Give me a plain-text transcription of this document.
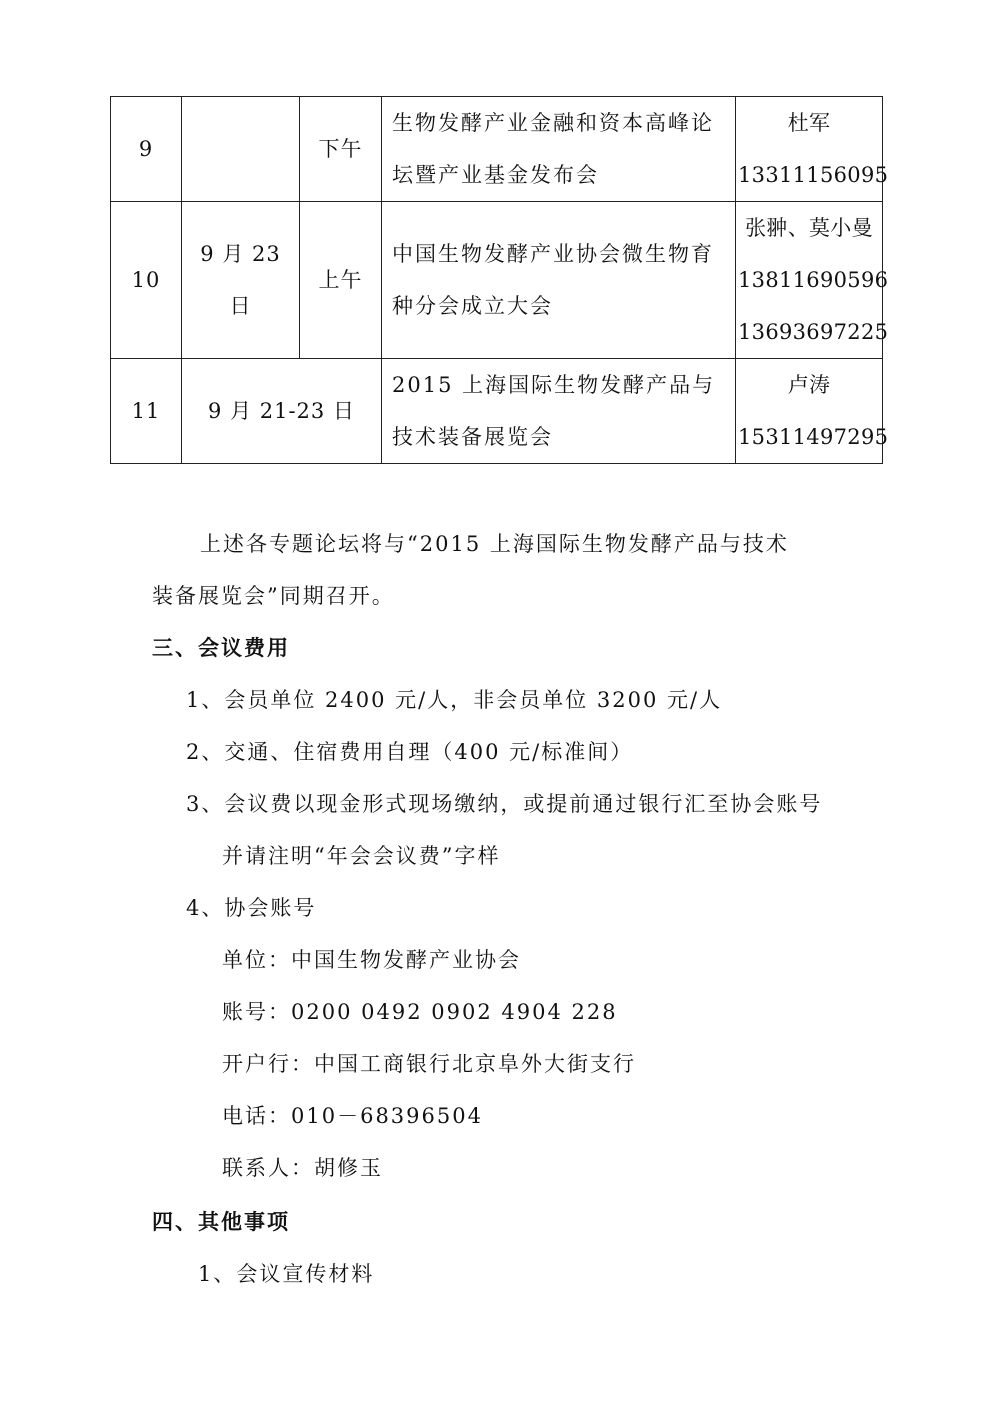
9		下午	生物发酵产业金融和资本高峰论
坛暨产业基金发布会	杜军
13311156095

10	9 月 23 日	上午	中国生物发酵产业协会微生物育
种分会成立大会	张翀、莫小曼
13811690596
13693697225

11	9 月 21-23 日		2015 上海国际生物发酵产品与
技术装备展览会	卢涛
15311497295
上述各专题论坛将与“2015 上海国际生物发酵产品与技术
装备展览会”同期召开。
三、会议费用
1、会员单位 2400 元/人，非会员单位 3200 元/人
2、交通、住宿费用自理（400 元/标准间）
3、会议费以现金形式现场缴纳，或提前通过银行汇至协会账号
并请注明“年会会议费”字样
4、协会账号
单位：中国生物发酵产业协会
账号：0200 0492 0902 4904 228
开户行：中国工商银行北京阜外大街支行
电话：010－68396504
联系人：胡修玉
四、其他事项
1、会议宣传材料
